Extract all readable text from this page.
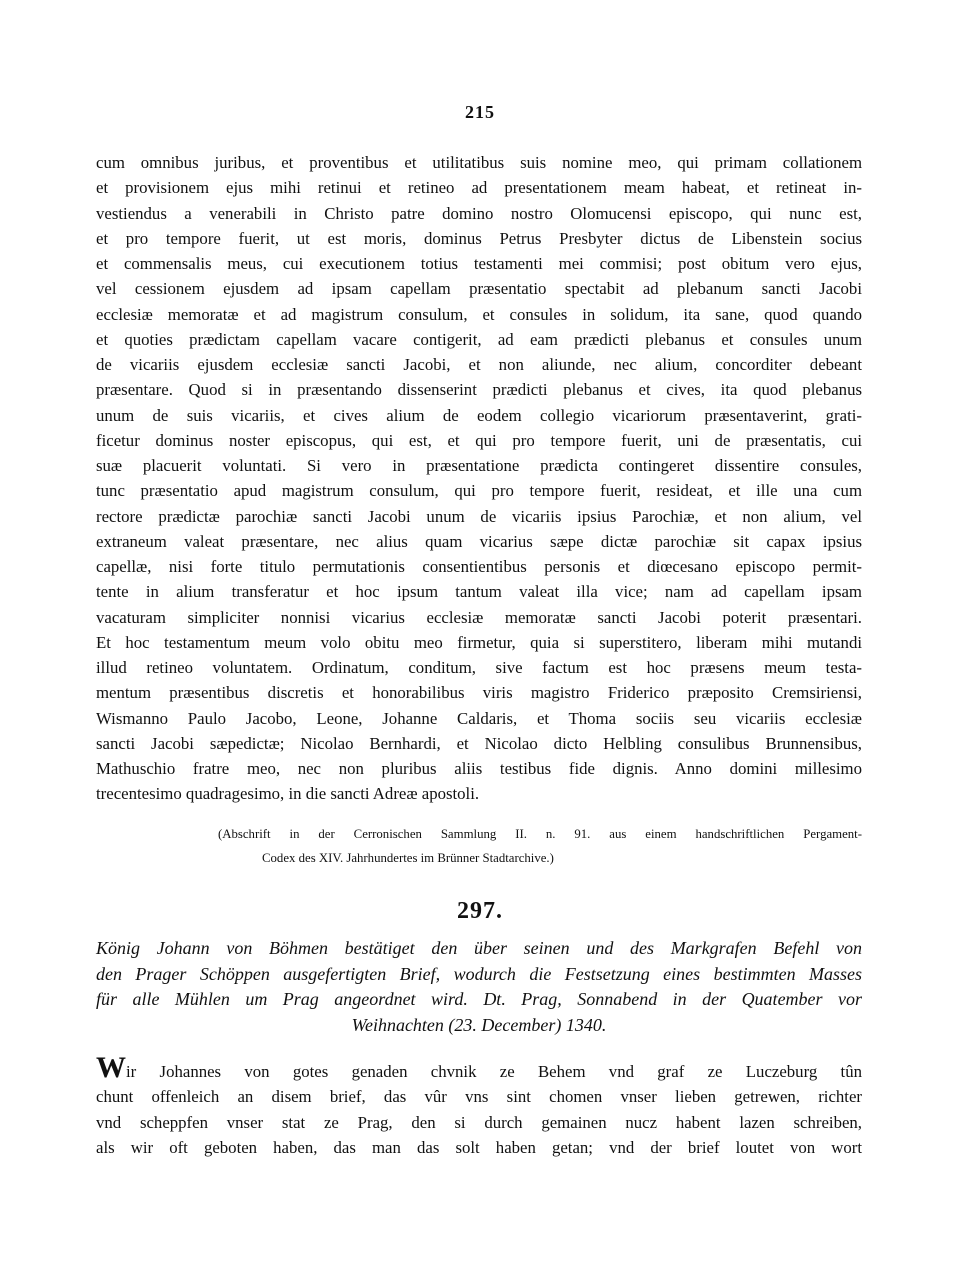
215
cum omnibus juribus, et proventibus et utilitatibus suis nomine meo, qui primam collationem
et provisionem ejus mihi retinui et retineo ad presentationem meam habeat, et retineat in-
vestiendus a venerabili in Christo patre domino nostro Olomucensi episcopo, qui nunc est,
et pro tempore fuerit, ut est moris, dominus Petrus Presbyter dictus de Libenstein socius
et commensalis meus, cui executionem totius testamenti mei commisi; post obitum vero ejus,
vel cessionem ejusdem ad ipsam capellam præsentatio spectabit ad plebanum sancti Jacobi
ecclesiæ memoratæ et ad magistrum consulum, et consules in solidum, ita sane, quod quando
et quoties prædictam capellam vacare contigerit, ad eam prædicti plebanus et consules unum
de vicariis ejusdem ecclesiæ sancti Jacobi, et non aliunde, nec alium, concorditer debeant
præsentare. Quod si in præsentando dissenserint prædicti plebanus et cives, ita quod plebanus
unum de suis vicariis, et cives alium de eodem collegio vicariorum præsentaverint, grati-
ficetur dominus noster episcopus, qui est, et qui pro tempore fuerit, uni de præsentatis, cui
suæ placuerit voluntati. Si vero in præsentatione prædicta contingeret dissentire consules,
tunc præsentatio apud magistrum consulum, qui pro tempore fuerit, resideat, et ille una cum
rectore prædictæ parochiæ sancti Jacobi unum de vicariis ipsius Parochiæ, et non alium, vel
extraneum valeat præsentare, nec alius quam vicarius sæpe dictæ parochiæ sit capax ipsius
capellæ, nisi forte titulo permutationis consentientibus personis et diœcesano episcopo permit-
tente in alium transferatur et hoc ipsum tantum valeat illa vice; nam ad capellam ipsam
vacaturam simpliciter nonnisi vicarius ecclesiæ memoratæ sancti Jacobi poterit præsentari.
Et hoc testamentum meum volo obitu meo firmetur, quia si superstitero, liberam mihi mutandi
illud retineo voluntatem. Ordinatum, conditum, sive factum est hoc præsens meum testa-
mentum præsentibus discretis et honorabilibus viris magistro Friderico præposito Cremsiriensi,
Wismanno Paulo Jacobo, Leone, Johanne Caldaris, et Thoma sociis seu vicariis ecclesiæ
sancti Jacobi sæpedictæ; Nicolao Bernhardi, et Nicolao dicto Helbling consulibus Brunnensibus,
Mathuschio fratre meo, nec non pluribus aliis testibus fide dignis. Anno domini millesimo
trecentesimo quadragesimo, in die sancti Adreæ apostoli.
(Abschrift in der Cerronischen Sammlung II. n. 91. aus einem handschriftlichen Pergament-
Codex des XIV. Jahrhundertes im Brünner Stadtarchive.)
297.
König Johann von Böhmen bestätiget den über seinen und des Markgrafen Befehl von
den Prager Schöppen ausgefertigten Brief, wodurch die Festsetzung eines bestimmten Masses
für alle Mühlen um Prag angeordnet wird. Dt. Prag, Sonnabend in der Quatember vor
Weihnachten (23. December) 1340.
Wir Johannes von gotes genaden chvnik ze Behem vnd graf ze Luczeburg tûn
chunt offenleich an disem brief, das vûr vns sint chomen vnser lieben getrewen, richter
vnd scheppfen vnser stat ze Prag, den si durch gemainen nucz habent lazen schreiben,
als wir oft geboten haben, das man das solt haben getan; vnd der brief loutet von wort
